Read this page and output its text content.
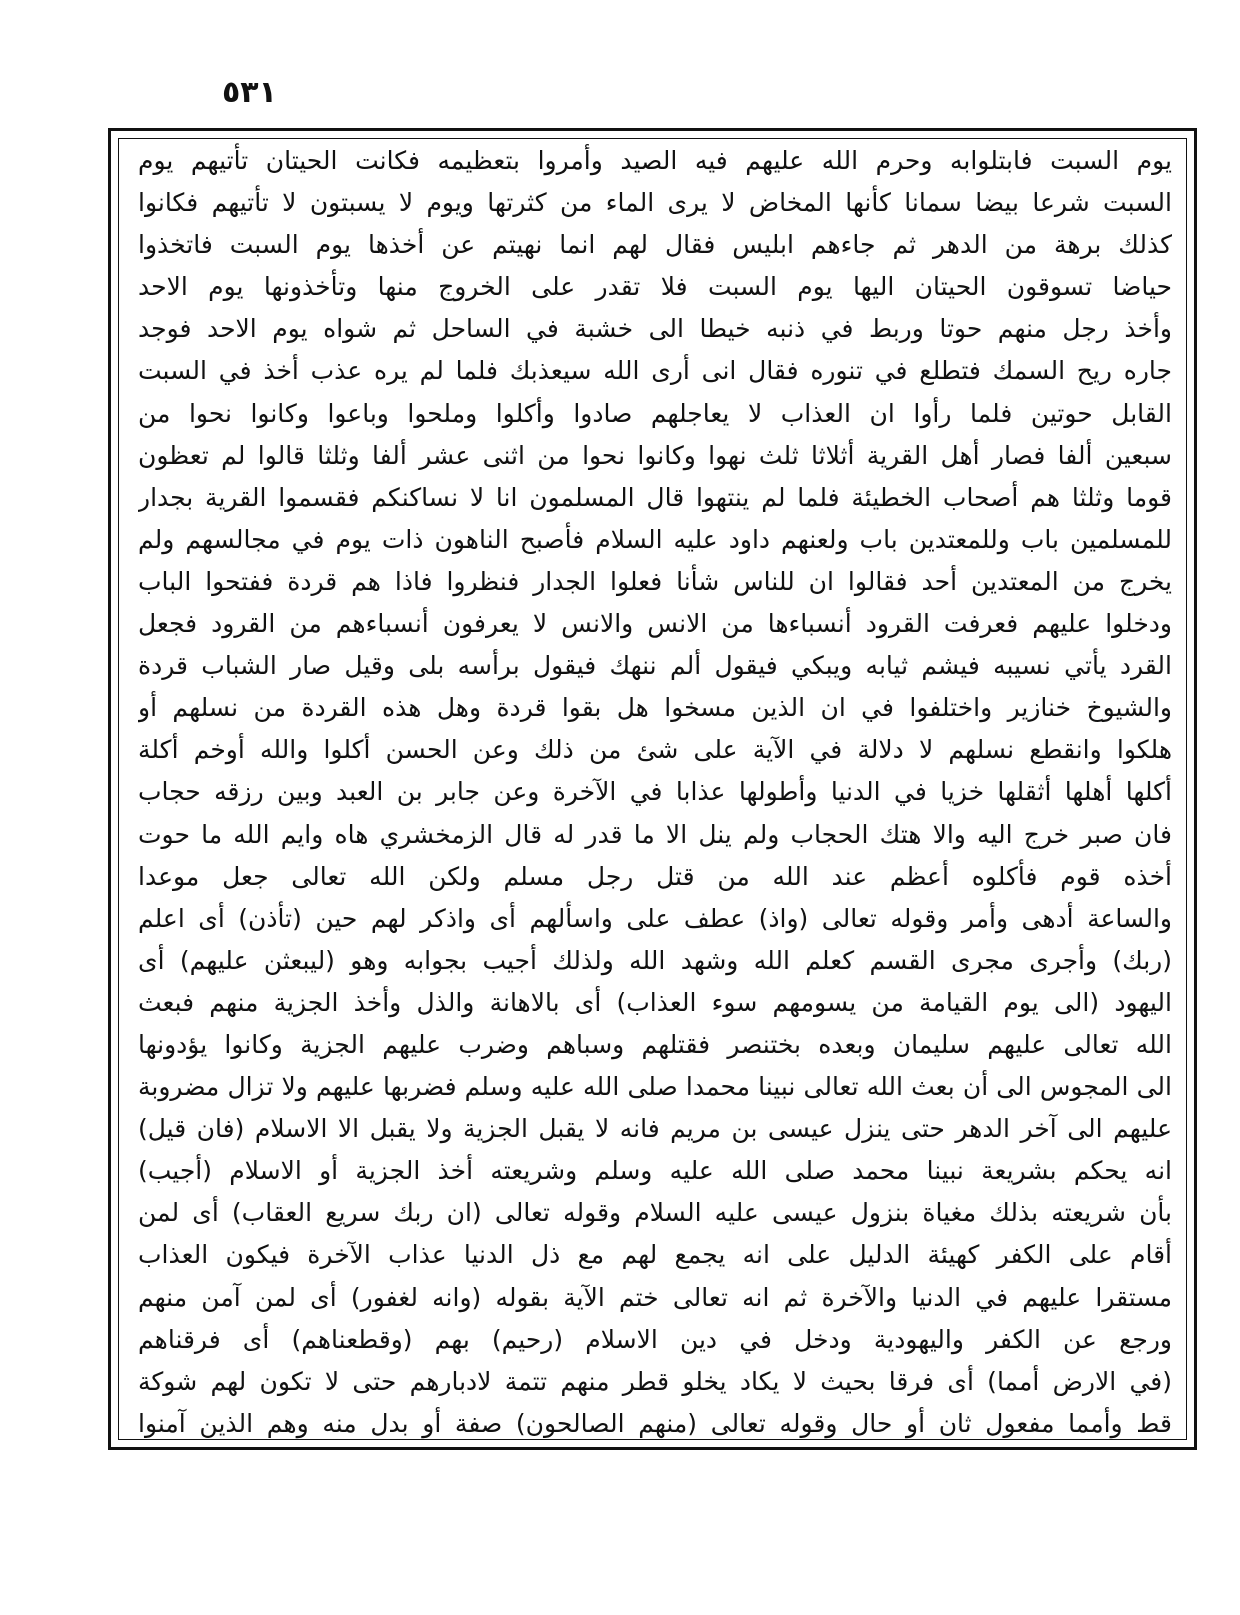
٥٣١
يوم السبت فابتلوابه وحرم الله عليهم فيه الصيد وأمروا بتعظيمه فكانت الحيتان تأتيهم يوم
السبت شرعا بيضا سمانا كأنها المخاض لا يرى الماء من كثرتها ويوم لا يسبتون لا تأتيهم فكانوا
كذلك برهة من الدهر ثم جاءهم ابليس فقال لهم انما نهيتم عن أخذها يوم السبت فاتخذوا
حياضا تسوقون الحيتان اليها يوم السبت فلا تقدر على الخروج منها وتأخذونها يوم الاحد
وأخذ رجل منهم حوتا وربط في ذنبه خيطا الى خشبة في الساحل ثم شواه يوم الاحد فوجد
جاره ريح السمك فتطلع في تنوره فقال انى أرى الله سيعذبك فلما لم يره عذب أخذ في السبت
القابل حوتين فلما رأوا ان العذاب لا يعاجلهم صادوا وأكلوا وملحوا وباعوا وكانوا نحوا من
سبعين ألفا فصار أهل القرية أثلاثا ثلث نهوا وكانوا نحوا من اثنى عشر ألفا وثلثا قالوا لم تعظون
قوما وثلثا هم أصحاب الخطيئة فلما لم ينتهوا قال المسلمون انا لا نساكنكم فقسموا القرية بجدار
للمسلمين باب وللمعتدين باب ولعنهم داود عليه السلام فأصبح الناهون ذات يوم في مجالسهم ولم
يخرج من المعتدين أحد فقالوا ان للناس شأنا فعلوا الجدار فنظروا فاذا هم قردة ففتحوا الباب
ودخلوا عليهم فعرفت القرود أنسباءها من الانس والانس لا يعرفون أنسباءهم من القرود فجعل
القرد يأتي نسيبه فيشم ثيابه ويبكي فيقول ألم ننهك فيقول برأسه بلى وقيل صار الشباب قردة
والشيوخ خنازير واختلفوا في ان الذين مسخوا هل بقوا قردة وهل هذه القردة من نسلهم أو
هلكوا وانقطع نسلهم لا دلالة في الآية على شئ من ذلك وعن الحسن أكلوا والله أوخم أكلة
أكلها أهلها أثقلها خزيا في الدنيا وأطولها عذابا في الآخرة وعن جابر بن العبد وبين رزقه حجاب
فان صبر خرج اليه والا هتك الحجاب ولم ينل الا ما قدر له قال الزمخشري هاه وايم الله ما حوت
أخذه قوم فأكلوه أعظم عند الله من قتل رجل مسلم ولكن الله تعالى جعل موعدا
والساعة أدهى وأمر وقوله تعالى (واذ) عطف على واسألهم أى واذكر لهم حين (تأذن) أى اعلم
(ربك) وأجرى مجرى القسم كعلم الله وشهد الله ولذلك أجيب بجوابه وهو (ليبعثن عليهم) أى
اليهود (الى يوم القيامة من يسومهم سوء العذاب) أى بالاهانة والذل وأخذ الجزية منهم فبعث
الله تعالى عليهم سليمان وبعده بختنصر فقتلهم وسباهم وضرب عليهم الجزية وكانوا يؤدونها
الى المجوس الى أن بعث الله تعالى نبينا محمدا صلى الله عليه وسلم فضربها عليهم ولا تزال مضروبة
عليهم الى آخر الدهر حتى ينزل عيسى بن مريم فانه لا يقبل الجزية ولا يقبل الا الاسلام (فان قيل)
انه يحكم بشريعة نبينا محمد صلى الله عليه وسلم وشريعته أخذ الجزية أو الاسلام (أجيب)
بأن شريعته بذلك مغياة بنزول عيسى عليه السلام وقوله تعالى (ان ربك سريع العقاب) أى لمن
أقام على الكفر كهيئة الدليل على انه يجمع لهم مع ذل الدنيا عذاب الآخرة فيكون العذاب
مستقرا عليهم في الدنيا والآخرة ثم انه تعالى ختم الآية بقوله (وانه لغفور) أى لمن آمن منهم
ورجع عن الكفر واليهودية ودخل في دين الاسلام (رحيم) بهم (وقطعناهم) أى فرقناهم
(في الارض أمما) أى فرقا بحيث لا يكاد يخلو قطر منهم تتمة لادبارهم حتى لا تكون لهم شوكة
قط وأمما مفعول ثان أو حال وقوله تعالى (منهم الصالحون) صفة أو بدل منه وهم الذين آمنوا
